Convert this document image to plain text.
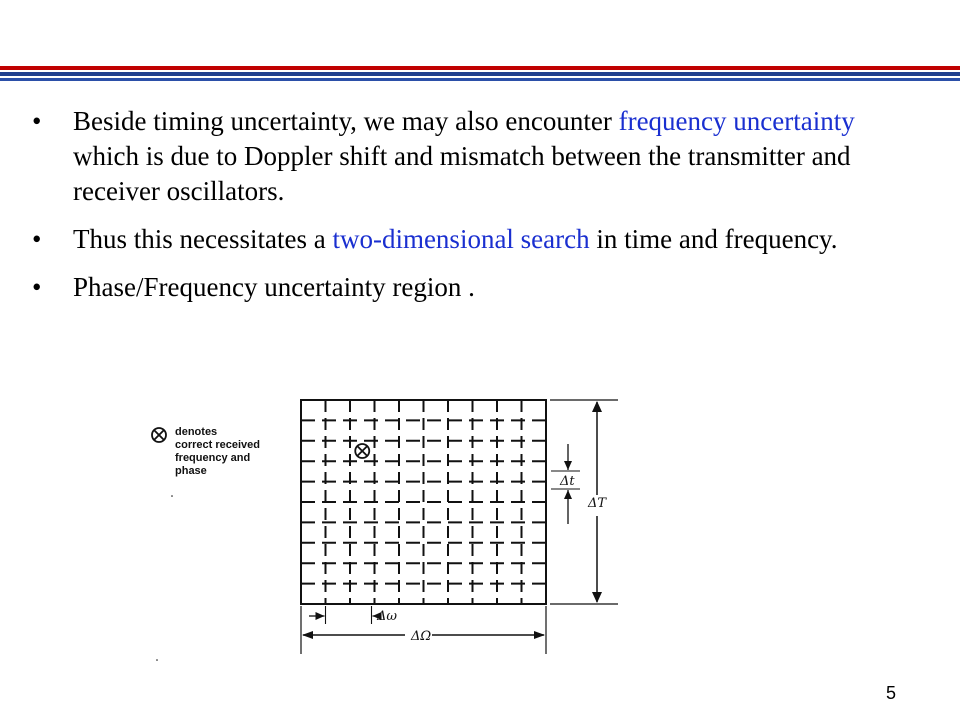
• Beside timing uncertainty, we may also encounter frequency uncertainty which is due to Doppler shift and mismatch between the transmitter and receiver oscillators.
• Thus this necessitates a two-dimensional search in time and frequency.
• Phase/Frequency uncertainty region .
denotes
correct received
frequency and
phase
Δt
ΔT
Δω
ΔΩ
5
